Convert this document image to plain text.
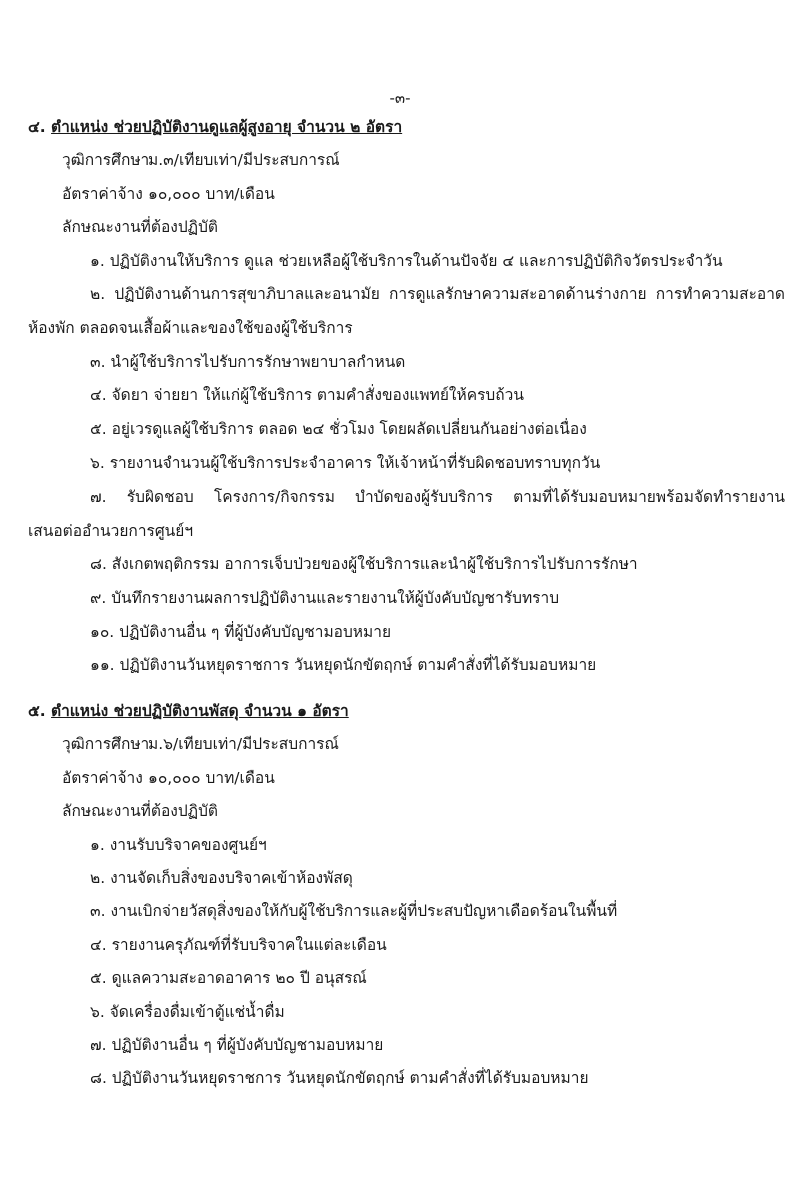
-๓-
๔. ตำแหน่ง ช่วยปฏิบัติงานดูแลผู้สูงอายุ จำนวน ๒ อัตรา
วุฒิการศึกษาม.๓/เทียบเท่า/มีประสบการณ์
อัตราค่าจ้าง ๑๐,๐๐๐ บาท/เดือน
ลักษณะงานที่ต้องปฏิบัติ
๑. ปฏิบัติงานให้บริการ ดูแล ช่วยเหลือผู้ใช้บริการในด้านปัจจัย ๔ และการปฏิบัติกิจวัตรประจำวัน
๒. ปฏิบัติงานด้านการสุขาภิบาลและอนามัย การดูแลรักษาความสะอาดด้านร่างกาย การทำความสะอาด
ห้องพัก ตลอดจนเสื้อผ้าและของใช้ของผู้ใช้บริการ
๓. นำผู้ใช้บริการไปรับการรักษาพยาบาลกำหนด
๔. จัดยา จ่ายยา ให้แก่ผู้ใช้บริการ ตามคำสั่งของแพทย์ให้ครบถ้วน
๕. อยู่เวรดูแลผู้ใช้บริการ ตลอด ๒๔ ชั่วโมง โดยผลัดเปลี่ยนกันอย่างต่อเนื่อง
๖. รายงานจำนวนผู้ใช้บริการประจำอาคาร ให้เจ้าหน้าที่รับผิดชอบทราบทุกวัน
๗. รับผิดชอบ โครงการ/กิจกรรม บำบัดของผู้รับบริการ ตามที่ได้รับมอบหมายพร้อมจัดทำรายงาน
เสนอต่ออำนวยการศูนย์ฯ
๘. สังเกตพฤติกรรม อาการเจ็บป่วยของผู้ใช้บริการและนำผู้ใช้บริการไปรับการรักษา
๙. บันทึกรายงานผลการปฏิบัติงานและรายงานให้ผู้บังคับบัญชารับทราบ
๑๐. ปฏิบัติงานอื่น ๆ ที่ผู้บังคับบัญชามอบหมาย
๑๑. ปฏิบัติงานวันหยุดราชการ วันหยุดนักขัตฤกษ์ ตามคำสั่งที่ได้รับมอบหมาย
๕. ตำแหน่ง ช่วยปฏิบัติงานพัสดุ จำนวน ๑ อัตรา
วุฒิการศึกษาม.๖/เทียบเท่า/มีประสบการณ์
อัตราค่าจ้าง ๑๐,๐๐๐ บาท/เดือน
ลักษณะงานที่ต้องปฏิบัติ
๑. งานรับบริจาคของศูนย์ฯ
๒. งานจัดเก็บสิ่งของบริจาคเข้าห้องพัสดุ
๓. งานเบิกจ่ายวัสดุสิ่งของให้กับผู้ใช้บริการและผู้ที่ประสบปัญหาเดือดร้อนในพื้นที่
๔. รายงานครุภัณฑ์ที่รับบริจาคในแต่ละเดือน
๕. ดูแลความสะอาดอาคาร ๒๐ ปี อนุสรณ์
๖. จัดเครื่องดื่มเข้าตู้แช่น้ำดื่ม
๗. ปฏิบัติงานอื่น ๆ ที่ผู้บังคับบัญชามอบหมาย
๘. ปฏิบัติงานวันหยุดราชการ วันหยุดนักขัตฤกษ์ ตามคำสั่งที่ได้รับมอบหมาย
